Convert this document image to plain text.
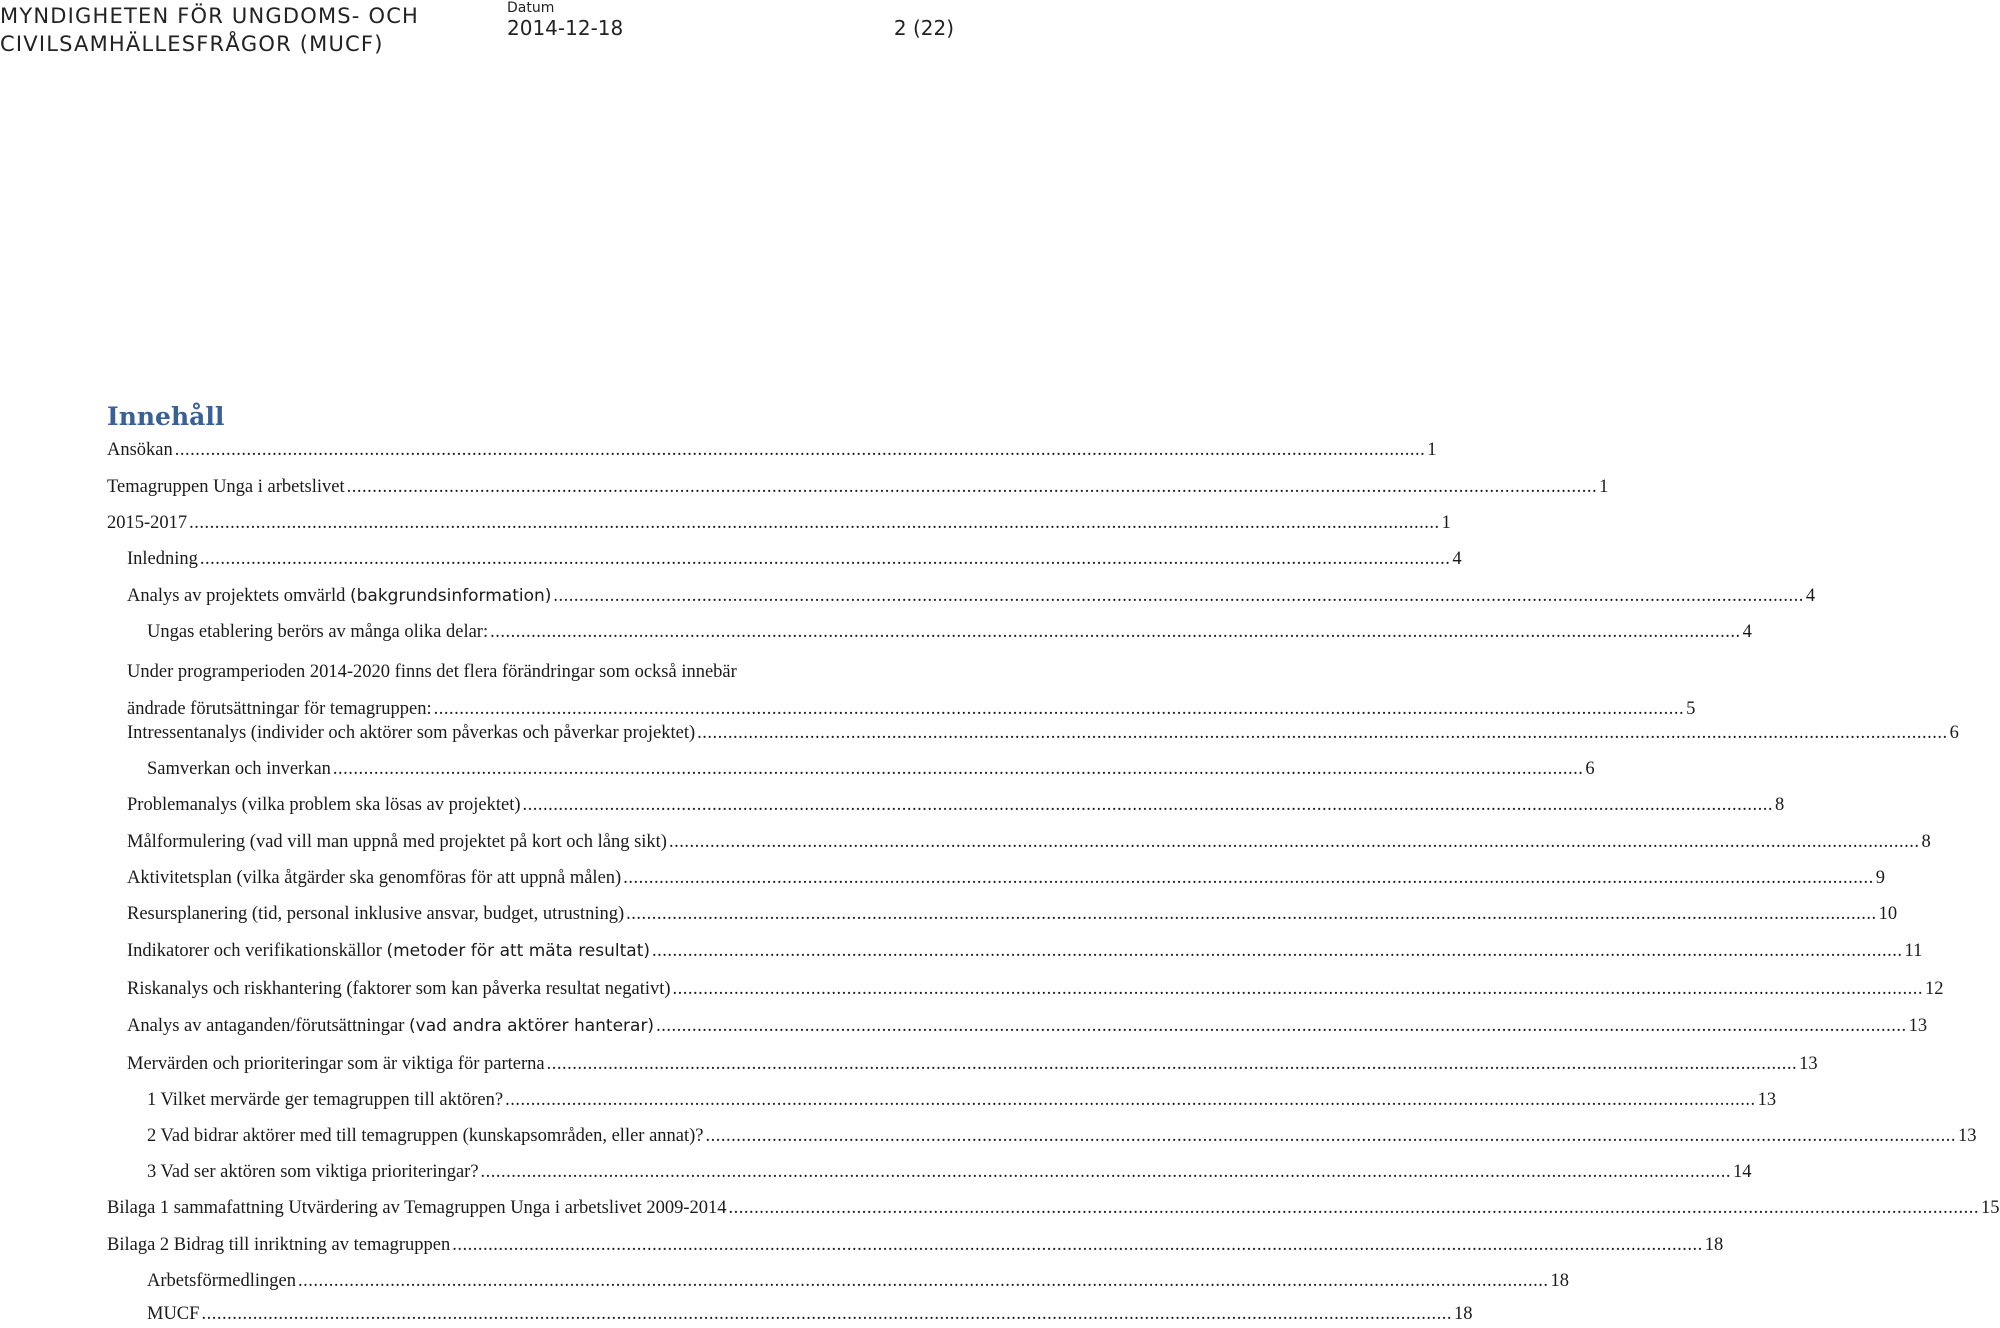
MYNDIGHETEN FÖR UNGDOMS- OCH
CIVILSAMHÄLLESFRÅGOR (MUCF)
Datum
2014-12-18	2 (22)
Innehåll
Ansökan .....	1
Temagruppen Unga i arbetslivet .....	1
2015-2017 .....	1
Inledning .....	4
Analys av projektets omvärld (bakgrundsinformation) .....	4
Ungas etablering berörs av många olika delar: .....	4
Under programperioden 2014-2020 finns det flera förändringar som också innebär
ändrade förutsättningar för temagruppen: .....	5
Intressentanalys (individer och aktörer som påverkas och påverkar projektet) .....	6
Samverkan och inverkan .....	6
Problemanalys (vilka problem ska lösas av projektet) .....	8
Målformulering (vad vill man uppnå med projektet på kort och lång sikt) .....	8
Aktivitetsplan (vilka åtgärder ska genomföras för att uppnå målen) .....	9
Resursplanering (tid, personal inklusive ansvar, budget, utrustning) .....	10
Indikatorer och verifikationskällor (metoder för att mäta resultat) .....	11
Riskanalys och riskhantering (faktorer som kan påverka resultat negativt) .....	12
Analys av antaganden/förutsättningar (vad andra aktörer hanterar) .....	13
Mervärden och prioriteringar som är viktiga för parterna .....	13
1 Vilket mervärde ger temagruppen till aktören? .....	13
2 Vad bidrar aktörer med till temagruppen (kunskapsområden, eller annat)? .....	13
3 Vad ser aktören som viktiga prioriteringar? .....	14
Bilaga 1 sammafattning Utvärdering av Temagruppen Unga i arbetslivet 2009-2014 .....	15
Bilaga 2 Bidrag till inriktning av temagruppen .....	18
Arbetsförmedlingen .....	18
MUCF .....	18
